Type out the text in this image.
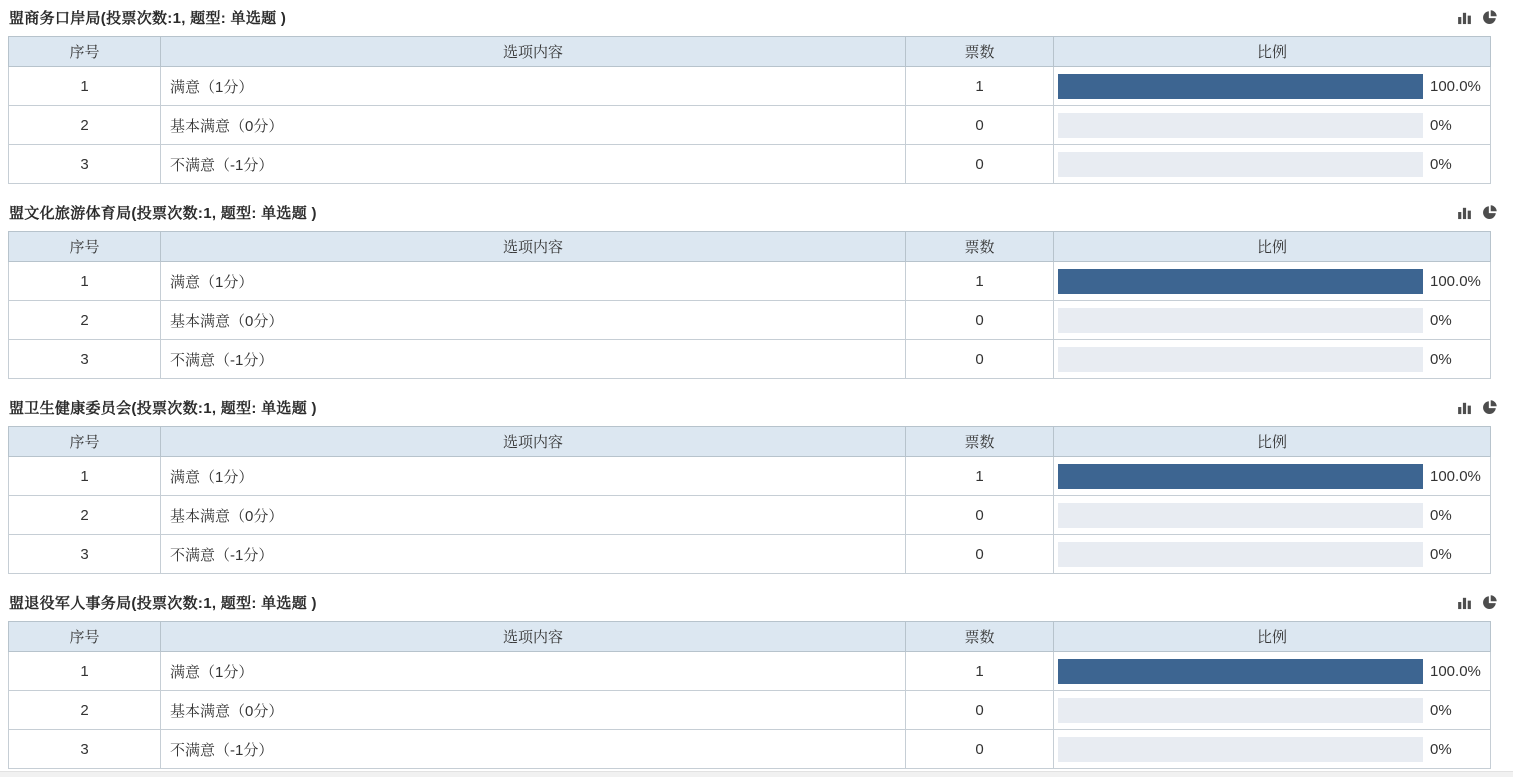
盟商务口岸局(投票次数:1, 题型: 单选题 )
序号	选项内容	票数	比例
1	满意（1分）	1	100.0%

2	基本满意（0分）	0	0%

3	不满意（-1分）	0	0%
盟文化旅游体育局(投票次数:1, 题型: 单选题 )
序号	选项内容	票数	比例
1	满意（1分）	1	100.0%

2	基本满意（0分）	0	0%

3	不满意（-1分）	0	0%
盟卫生健康委员会(投票次数:1, 题型: 单选题 )
序号	选项内容	票数	比例
1	满意（1分）	1	100.0%

2	基本满意（0分）	0	0%

3	不满意（-1分）	0	0%
盟退役军人事务局(投票次数:1, 题型: 单选题 )
序号	选项内容	票数	比例
1	满意（1分）	1	100.0%

2	基本满意（0分）	0	0%

3	不满意（-1分）	0	0%
